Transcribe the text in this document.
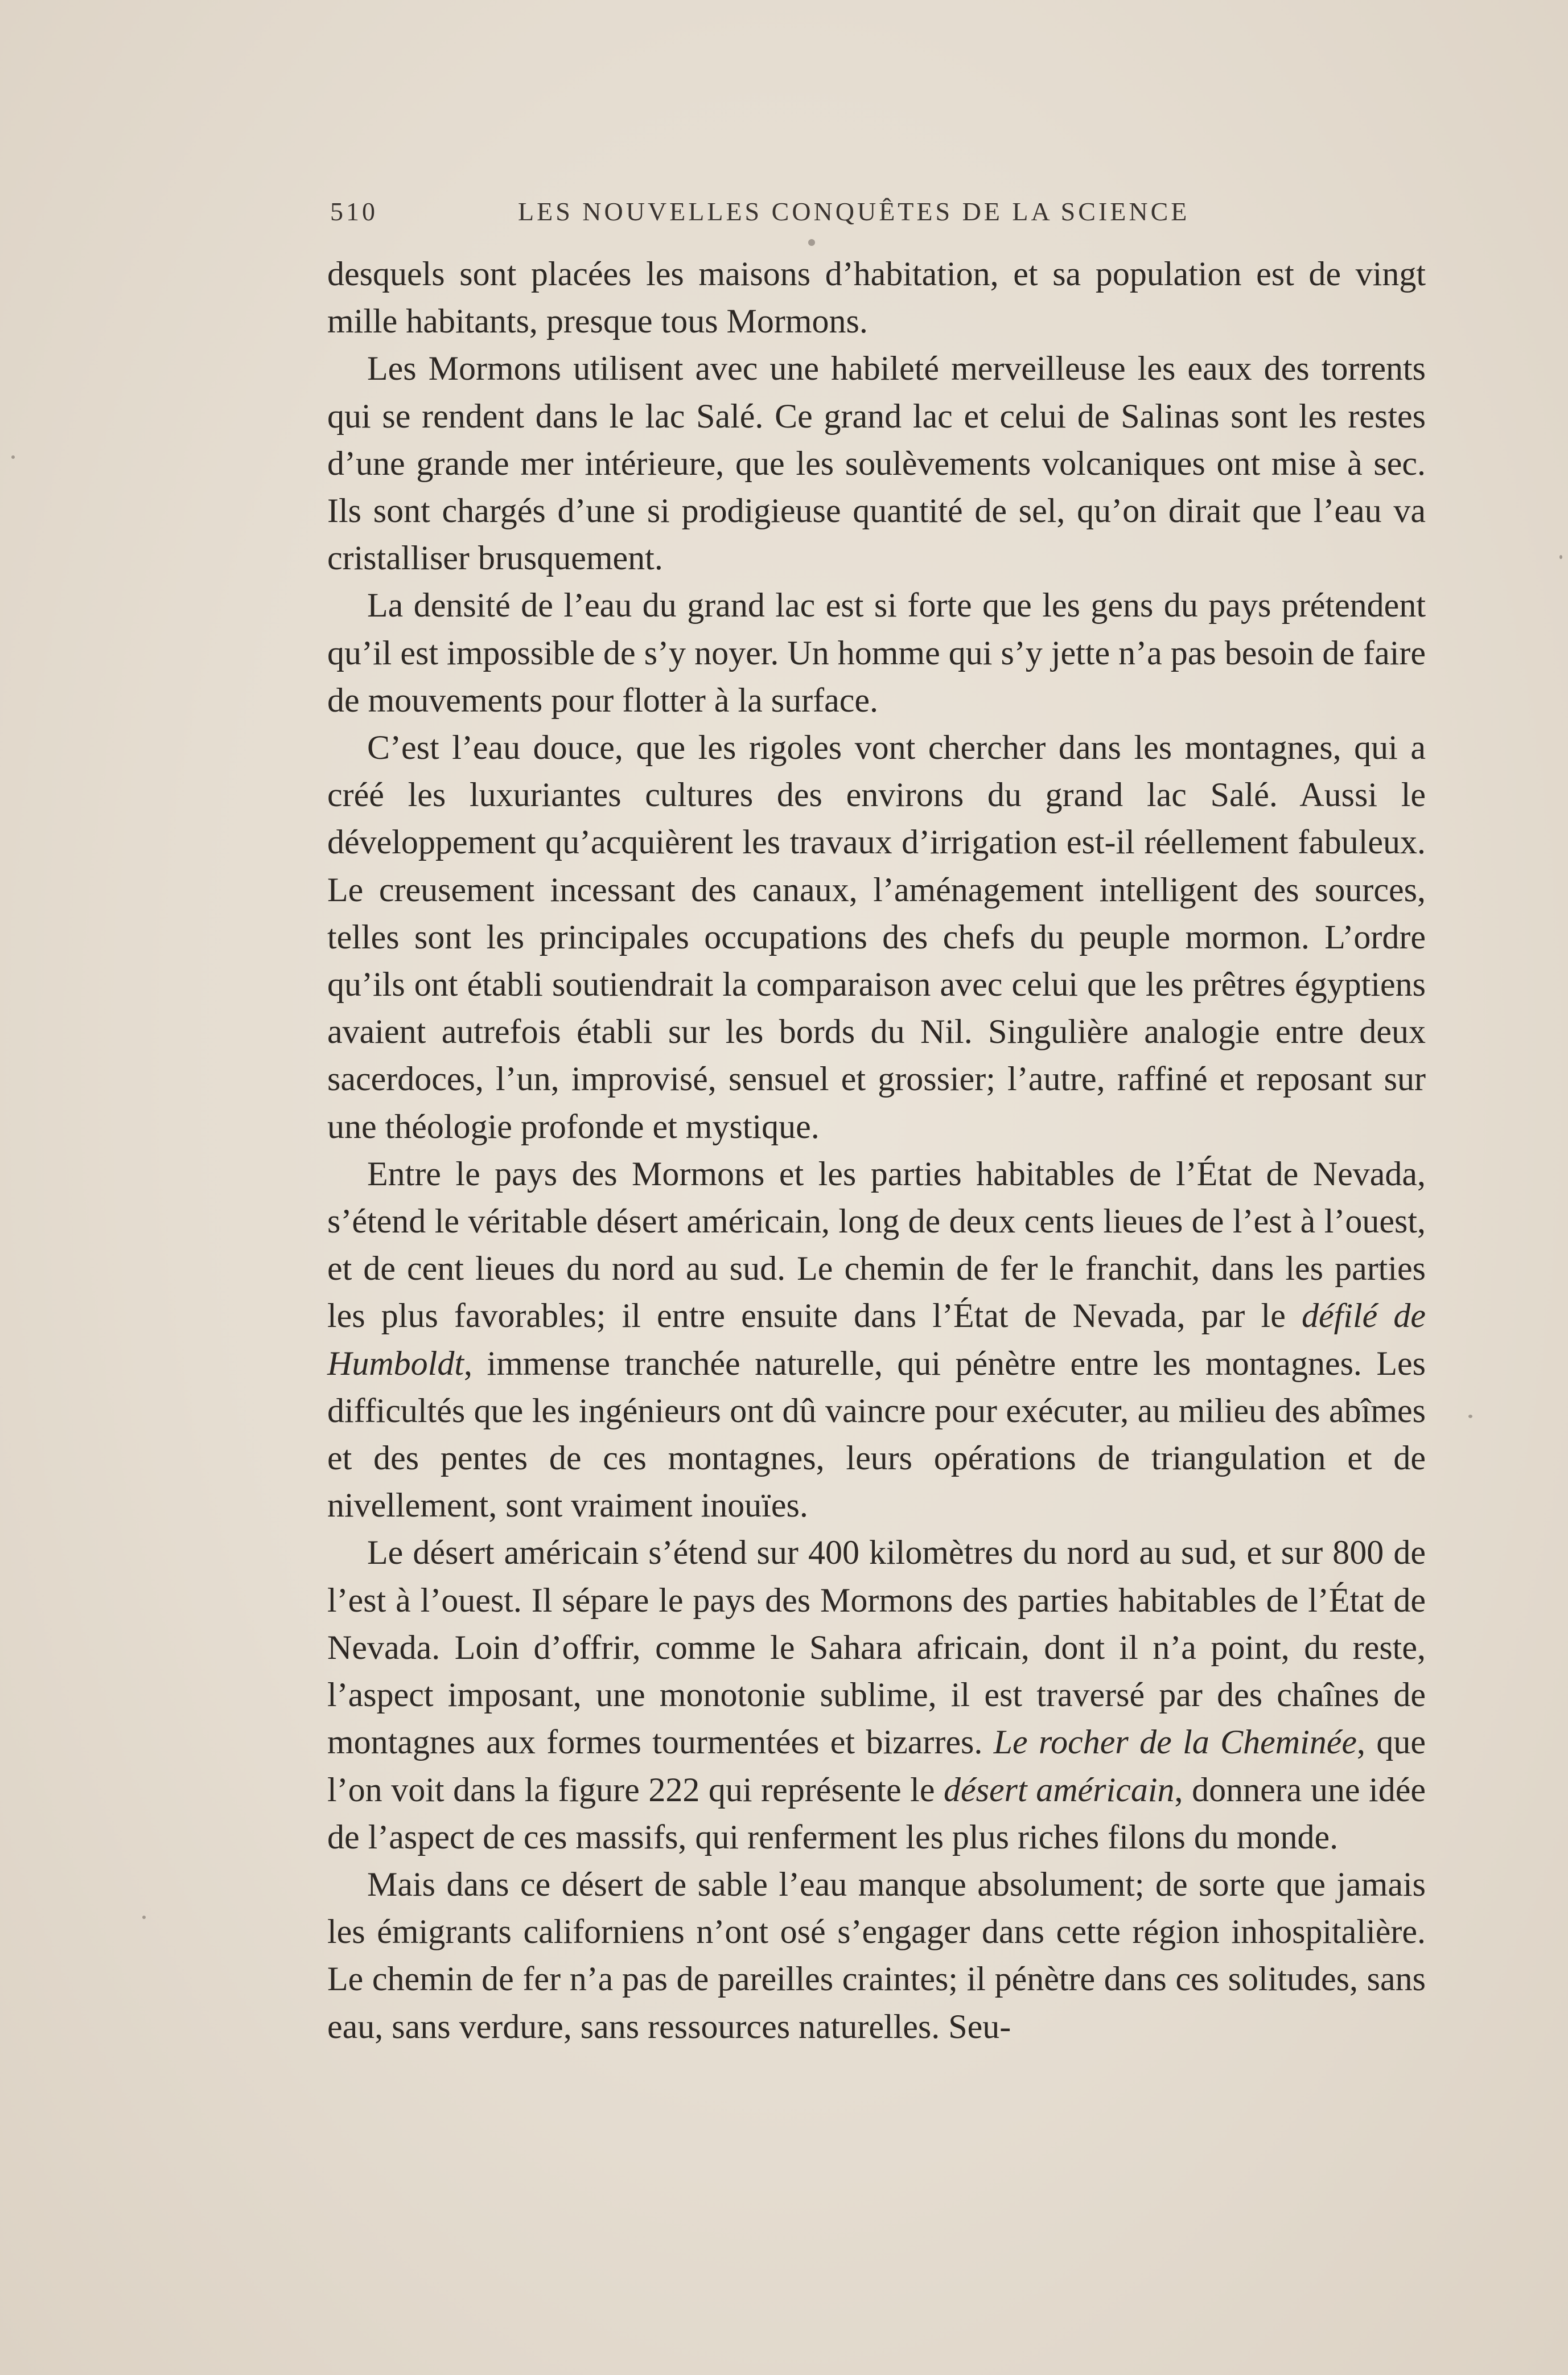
510	LES NOUVELLES CONQUÊTES DE LA SCIENCE

desquels sont placées les maisons d’habitation, et sa population est de vingt mille habitants, presque tous Mormons.

Les Mormons utilisent avec une habileté merveilleuse les eaux des torrents qui se rendent dans le lac Salé. Ce grand lac et celui de Salinas sont les restes d’une grande mer intérieure, que les soulèvements volcaniques ont mise à sec. Ils sont chargés d’une si prodigieuse quantité de sel, qu’on dirait que l’eau va cristalliser brusquement.

La densité de l’eau du grand lac est si forte que les gens du pays prétendent qu’il est impossible de s’y noyer. Un homme qui s’y jette n’a pas besoin de faire de mouvements pour flotter à la surface.

C’est l’eau douce, que les rigoles vont chercher dans les montagnes, qui a créé les luxuriantes cultures des environs du grand lac Salé. Aussi le développement qu’acquièrent les travaux d’irrigation est-il réellement fabuleux. Le creusement incessant des canaux, l’aménagement intelligent des sources, telles sont les principales occupations des chefs du peuple mormon. L’ordre qu’ils ont établi soutiendrait la comparaison avec celui que les prêtres égyptiens avaient autrefois établi sur les bords du Nil. Singulière analogie entre deux sacerdoces, l’un, improvisé, sensuel et grossier; l’autre, raffiné et reposant sur une théologie profonde et mystique.

Entre le pays des Mormons et les parties habitables de l’État de Nevada, s’étend le véritable désert américain, long de deux cents lieues de l’est à l’ouest, et de cent lieues du nord au sud. Le chemin de fer le franchit, dans les parties les plus favorables; il entre ensuite dans l’État de Nevada, par le défilé de Humboldt, immense tranchée naturelle, qui pénètre entre les montagnes. Les difficultés que les ingénieurs ont dû vaincre pour exécuter, au milieu des abîmes et des pentes de ces montagnes, leurs opérations de triangulation et de nivellement, sont vraiment inouïes.

Le désert américain s’étend sur 400 kilomètres du nord au sud, et sur 800 de l’est à l’ouest. Il sépare le pays des Mormons des parties habitables de l’État de Nevada. Loin d’offrir, comme le Sahara africain, dont il n’a point, du reste, l’aspect imposant, une monotonie sublime, il est traversé par des chaînes de montagnes aux formes tourmentées et bizarres. Le rocher de la Cheminée, que l’on voit dans la figure 222 qui représente le désert américain, donnera une idée de l’aspect de ces massifs, qui renferment les plus riches filons du monde.

Mais dans ce désert de sable l’eau manque absolument; de sorte que jamais les émigrants californiens n’ont osé s’engager dans cette région inhospitalière. Le chemin de fer n’a pas de pareilles craintes; il pénètre dans ces solitudes, sans eau, sans verdure, sans ressources naturelles. Seu-
